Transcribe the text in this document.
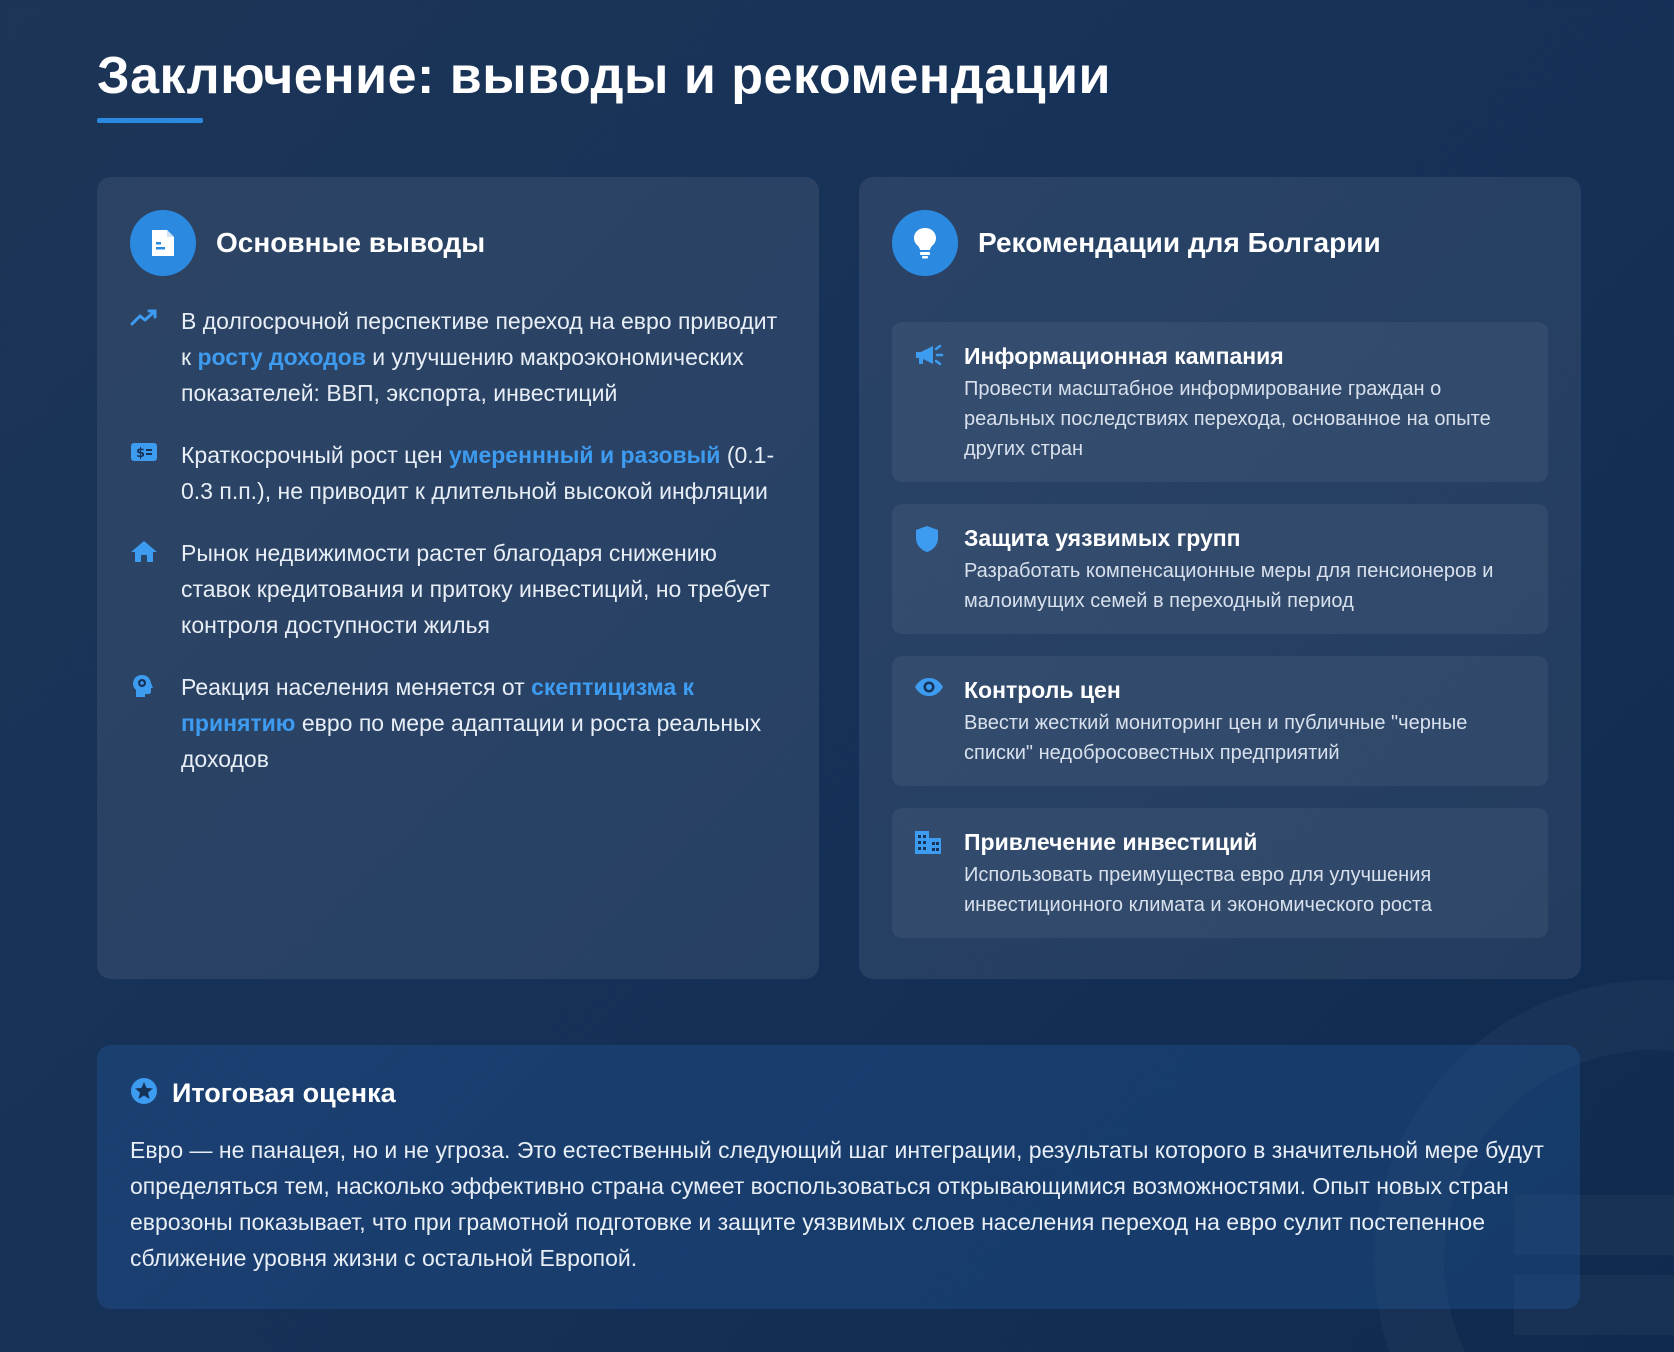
Заключение: выводы и рекомендации
Основные выводы

В долгосрочной перспективе переход на евро приводит к росту доходов и улучшению макроэкономических показателей: ВВП, экспорта, инвестиций

$ Краткосрочный рост цен умереннный и разовый (0.1-0.3 п.п.), не приводит к длительной высокой инфляции

Рынок недвижимости растет благодаря снижению ставок кредитования и притоку инвестиций, но требует контроля доступности жилья

Реакция населения меняется от скептицизма к принятию евро по мере адаптации и роста реальных доходов

Рекомендации для Болгарии
Информационная кампания
Провести масштабное информирование граждан о реальных последствиях перехода, основанное на опыте других стран
Защита уязвимых групп
Разработать компенсационные меры для пенсионеров и малоимущих семей в переходный период
Контроль цен
Ввести жесткий мониторинг цен и публичные "черные списки" недобросовестных предприятий
Привлечение инвестиций
Использовать преимущества евро для улучшения инвестиционного климата и экономического роста
Итоговая оценка

Евро — не панацея, но и не угроза. Это естественный следующий шаг интеграции, результаты которого в значительной мере будут определяться тем, насколько эффективно страна сумеет воспользоваться открывающимися возможностями. Опыт новых стран еврозоны показывает, что при грамотной подготовке и защите уязвимых слоев населения переход на евро сулит постепенное сближение уровня жизни с остальной Европой.
